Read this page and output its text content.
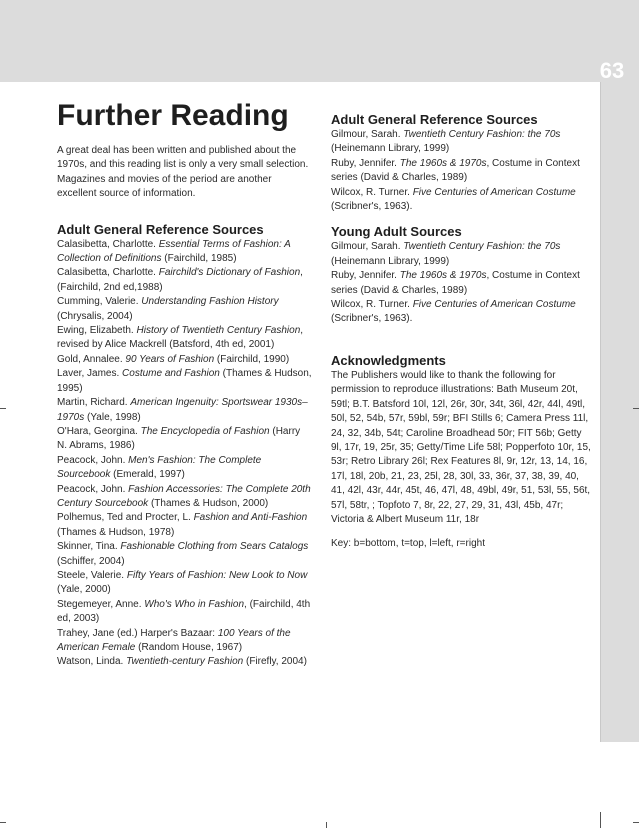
63
Further Reading

A great deal has been written and published about the 1970s, and this reading list is only a very small selection. Magazines and movies of the period are another excellent source of information.

Adult General Reference Sources

Calasibetta, Charlotte. Essential Terms of Fashion: A Collection of Definitions (Fairchild, 1985)

Calasibetta, Charlotte. Fairchild's Dictionary of Fashion, (Fairchild, 2nd ed,1988)

Cumming, Valerie. Understanding Fashion History (Chrysalis, 2004)

Ewing, Elizabeth. History of Twentieth Century Fashion, revised by Alice Mackrell (Batsford, 4th ed, 2001)

Gold, Annalee. 90 Years of Fashion (Fairchild, 1990)

Laver, James. Costume and Fashion (Thames & Hudson, 1995)

Martin, Richard. American Ingenuity: Sportswear 1930s–1970s (Yale, 1998)

O'Hara, Georgina. The Encyclopedia of Fashion (Harry N. Abrams, 1986)

Peacock, John. Men's Fashion: The Complete Sourcebook (Emerald, 1997)

Peacock, John. Fashion Accessories: The Complete 20th Century Sourcebook (Thames & Hudson, 2000)

Polhemus, Ted and Procter, L. Fashion and Anti-Fashion (Thames & Hudson, 1978)

Skinner, Tina. Fashionable Clothing from Sears Catalogs (Schiffer, 2004)

Steele, Valerie. Fifty Years of Fashion: New Look to Now (Yale, 2000)

Stegemeyer, Anne. Who's Who in Fashion, (Fairchild, 4th ed, 2003)

Trahey, Jane (ed.) Harper's Bazaar: 100 Years of the American Female (Random House, 1967)

Watson, Linda. Twentieth-century Fashion (Firefly, 2004)

Adult General Reference Sources

Gilmour, Sarah. Twentieth Century Fashion: the 70s (Heinemann Library, 1999)

Ruby, Jennifer. The 1960s & 1970s, Costume in Context series (David & Charles, 1989)

Wilcox, R. Turner. Five Centuries of American Costume (Scribner's, 1963).

Young Adult Sources

Gilmour, Sarah. Twentieth Century Fashion: the 70s (Heinemann Library, 1999)

Ruby, Jennifer. The 1960s & 1970s, Costume in Context series (David & Charles, 1989)

Wilcox, R. Turner. Five Centuries of American Costume (Scribner's, 1963).

Acknowledgments

The Publishers would like to thank the following for permission to reproduce illustrations: Bath Museum 20t, 59tl; B.T. Batsford 10l, 12l, 26r, 30r, 34t, 36l, 42r, 44l, 49tl, 50l, 52, 54b, 57r, 59bl, 59r; BFI Stills 6; Camera Press 11l, 24, 32, 34b, 54t; Caroline Broadhead 50r; FIT 56b; Getty 9l, 17r, 19, 25r, 35; Getty/Time Life 58l; Popperfoto 10r, 15, 53r; Retro Library 26l; Rex Features 8l, 9r, 12r, 13, 14, 16, 17l, 18l, 20b, 21, 23, 25l, 28, 30l, 33, 36r, 37, 38, 39, 40, 41, 42l, 43r, 44r, 45t, 46, 47l, 48, 49bl, 49r, 51, 53l, 55, 56t, 57l, 58tr, ; Topfoto 7, 8r, 22, 27, 29, 31, 43l, 45b, 47r; Victoria & Albert Museum 11r, 18r

Key: b=bottom, t=top, l=left, r=right
